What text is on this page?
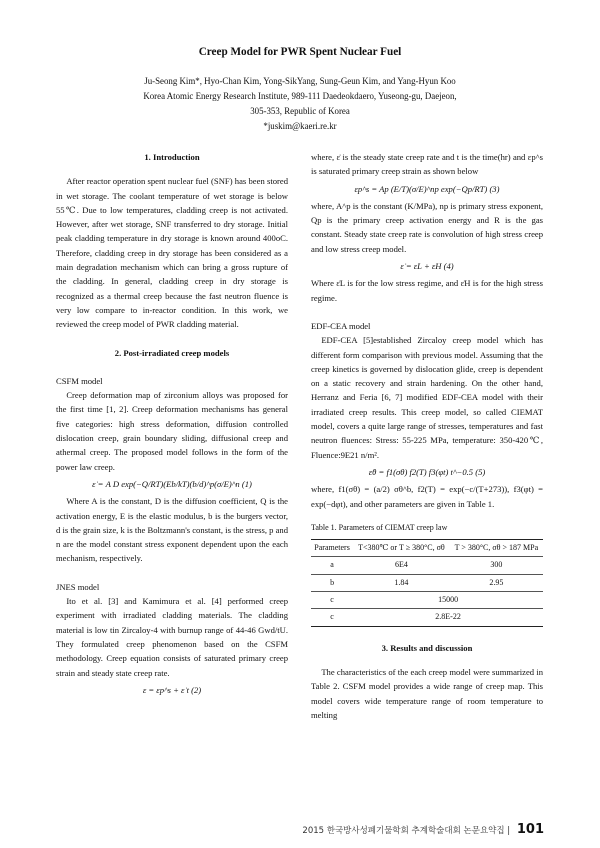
Creep Model for PWR Spent Nuclear Fuel
Ju-Seong Kim*, Hyo-Chan Kim, Yong-SikYang, Sung-Geun Kim, and Yang-Hyun Koo
Korea Atomic Energy Research Institute, 989-111 Daedeokdaero, Yuseong-gu, Daejeon,
305-353, Republic of Korea
*juskim@kaeri.re.kr

1. Introduction

After reactor operation spent nuclear fuel (SNF) has been stored in wet storage. The coolant temperature of wet storage is below 55℃. Due to low temperatures, cladding creep is not activated. However, after wet storage, SNF transferred to dry storage. Initial peak cladding temperature in dry storage is known around 400oC. Therefore, cladding creep in dry storage has been considered as a main degradation mechanism which can bring a gross rupture of the cladding. In general, cladding creep in dry storage is recognized as a thermal creep because the fast neutron fluence is very low compare to in-reactor condition. In this work, we reviewed the creep model of PWR cladding material.

2. Post-irradiated creep models

CSFM model

Creep deformation map of zirconium alloys was proposed for the first time [1, 2]. Creep deformation mechanisms has general five categories: high stress deformation, diffusion controlled dislocation creep, grain boundary sliding, diffusional creep and athermal creep. The proposed model follows in the form of the power law creep.

ε̇ = A D exp(−Q/RT)(Eb/kT)(b/d)^p(σ/E)^n (1)

Where A is the constant, D is the diffusion coefficient, Q is the activation energy, E is the elastic modulus, b is the burgers vector, d is the grain size, k is the Boltzmann's constant, is the stress, p and n are the model constant stress exponent dependent upon the each mechanism, respectively.

JNES model

Ito et al. [3] and Kamimura et al. [4] performed creep experiment with irradiated cladding materials. The cladding material is low tin Zircaloy-4 with burnup range of 44-46 Gwd/tU. They formulated creep phenomenon based on the CSFM methodology. Creep equation consists of saturated primary creep strain and steady state creep rate.

ε = εp^s + ε̇ t (2)

where, ε̇ is the steady state creep rate and t is the time(hr) and εp^s is saturated primary creep strain as shown below

εp^s = Ap (E/T)(σ/E)^np exp(−Qp/RT) (3)

where, A^p is the constant (K/MPa), np is primary stress exponent, Qp is the primary creep activation energy and R is the gas constant. Steady state creep rate is convolution of high stress creep and low stress creep model.

ε̇ = ε̇L + ε̇H (4)

Where ε̇L is for the low stress regime, and ε̇H is for the high stress regime.

EDF-CEA model

EDF-CEA [5]established Zircaloy creep model which has different form comparison with previous model. Assuming that the creep kinetics is governed by dislocation glide, creep is dependent on a static recovery and strain hardening. On the other hand, Herranz and Feria [6, 7] modified EDF-CEA model with their irradiated creep results. This creep model, so called CIEMAT model, covers a quite large range of stresses, temperatures and fast neutron fluences: Stress: 55-225 MPa, temperature: 350-420℃, Fluence:9E21 n/m².

ε̇θ = f1(σθ) f2(T) f3(φt) t^−0.5 (5)

where, f1(σθ) = (a/2) σθ^b, f2(T) = exp(−c/(T+273)), f3(φt) = exp(−dφt), and other parameters are given in Table 1.

Table 1. Parameters of CIEMAT creep law

Parameters	T<380℃ or T ≥ 380°C, σθ	T > 380°C, σθ > 187 MPa
a	6E4	300
b	1.84	2.95
c	15000	
c	2.8E-22	

3. Results and discussion

The characteristics of the each creep model were summarized in Table 2. CSFM model provides a wide range of creep map. This model covers wide temperature range of room temperature to melting

2015 한국방사성폐기물학회 추계학술대회 논문요약집 | 101
